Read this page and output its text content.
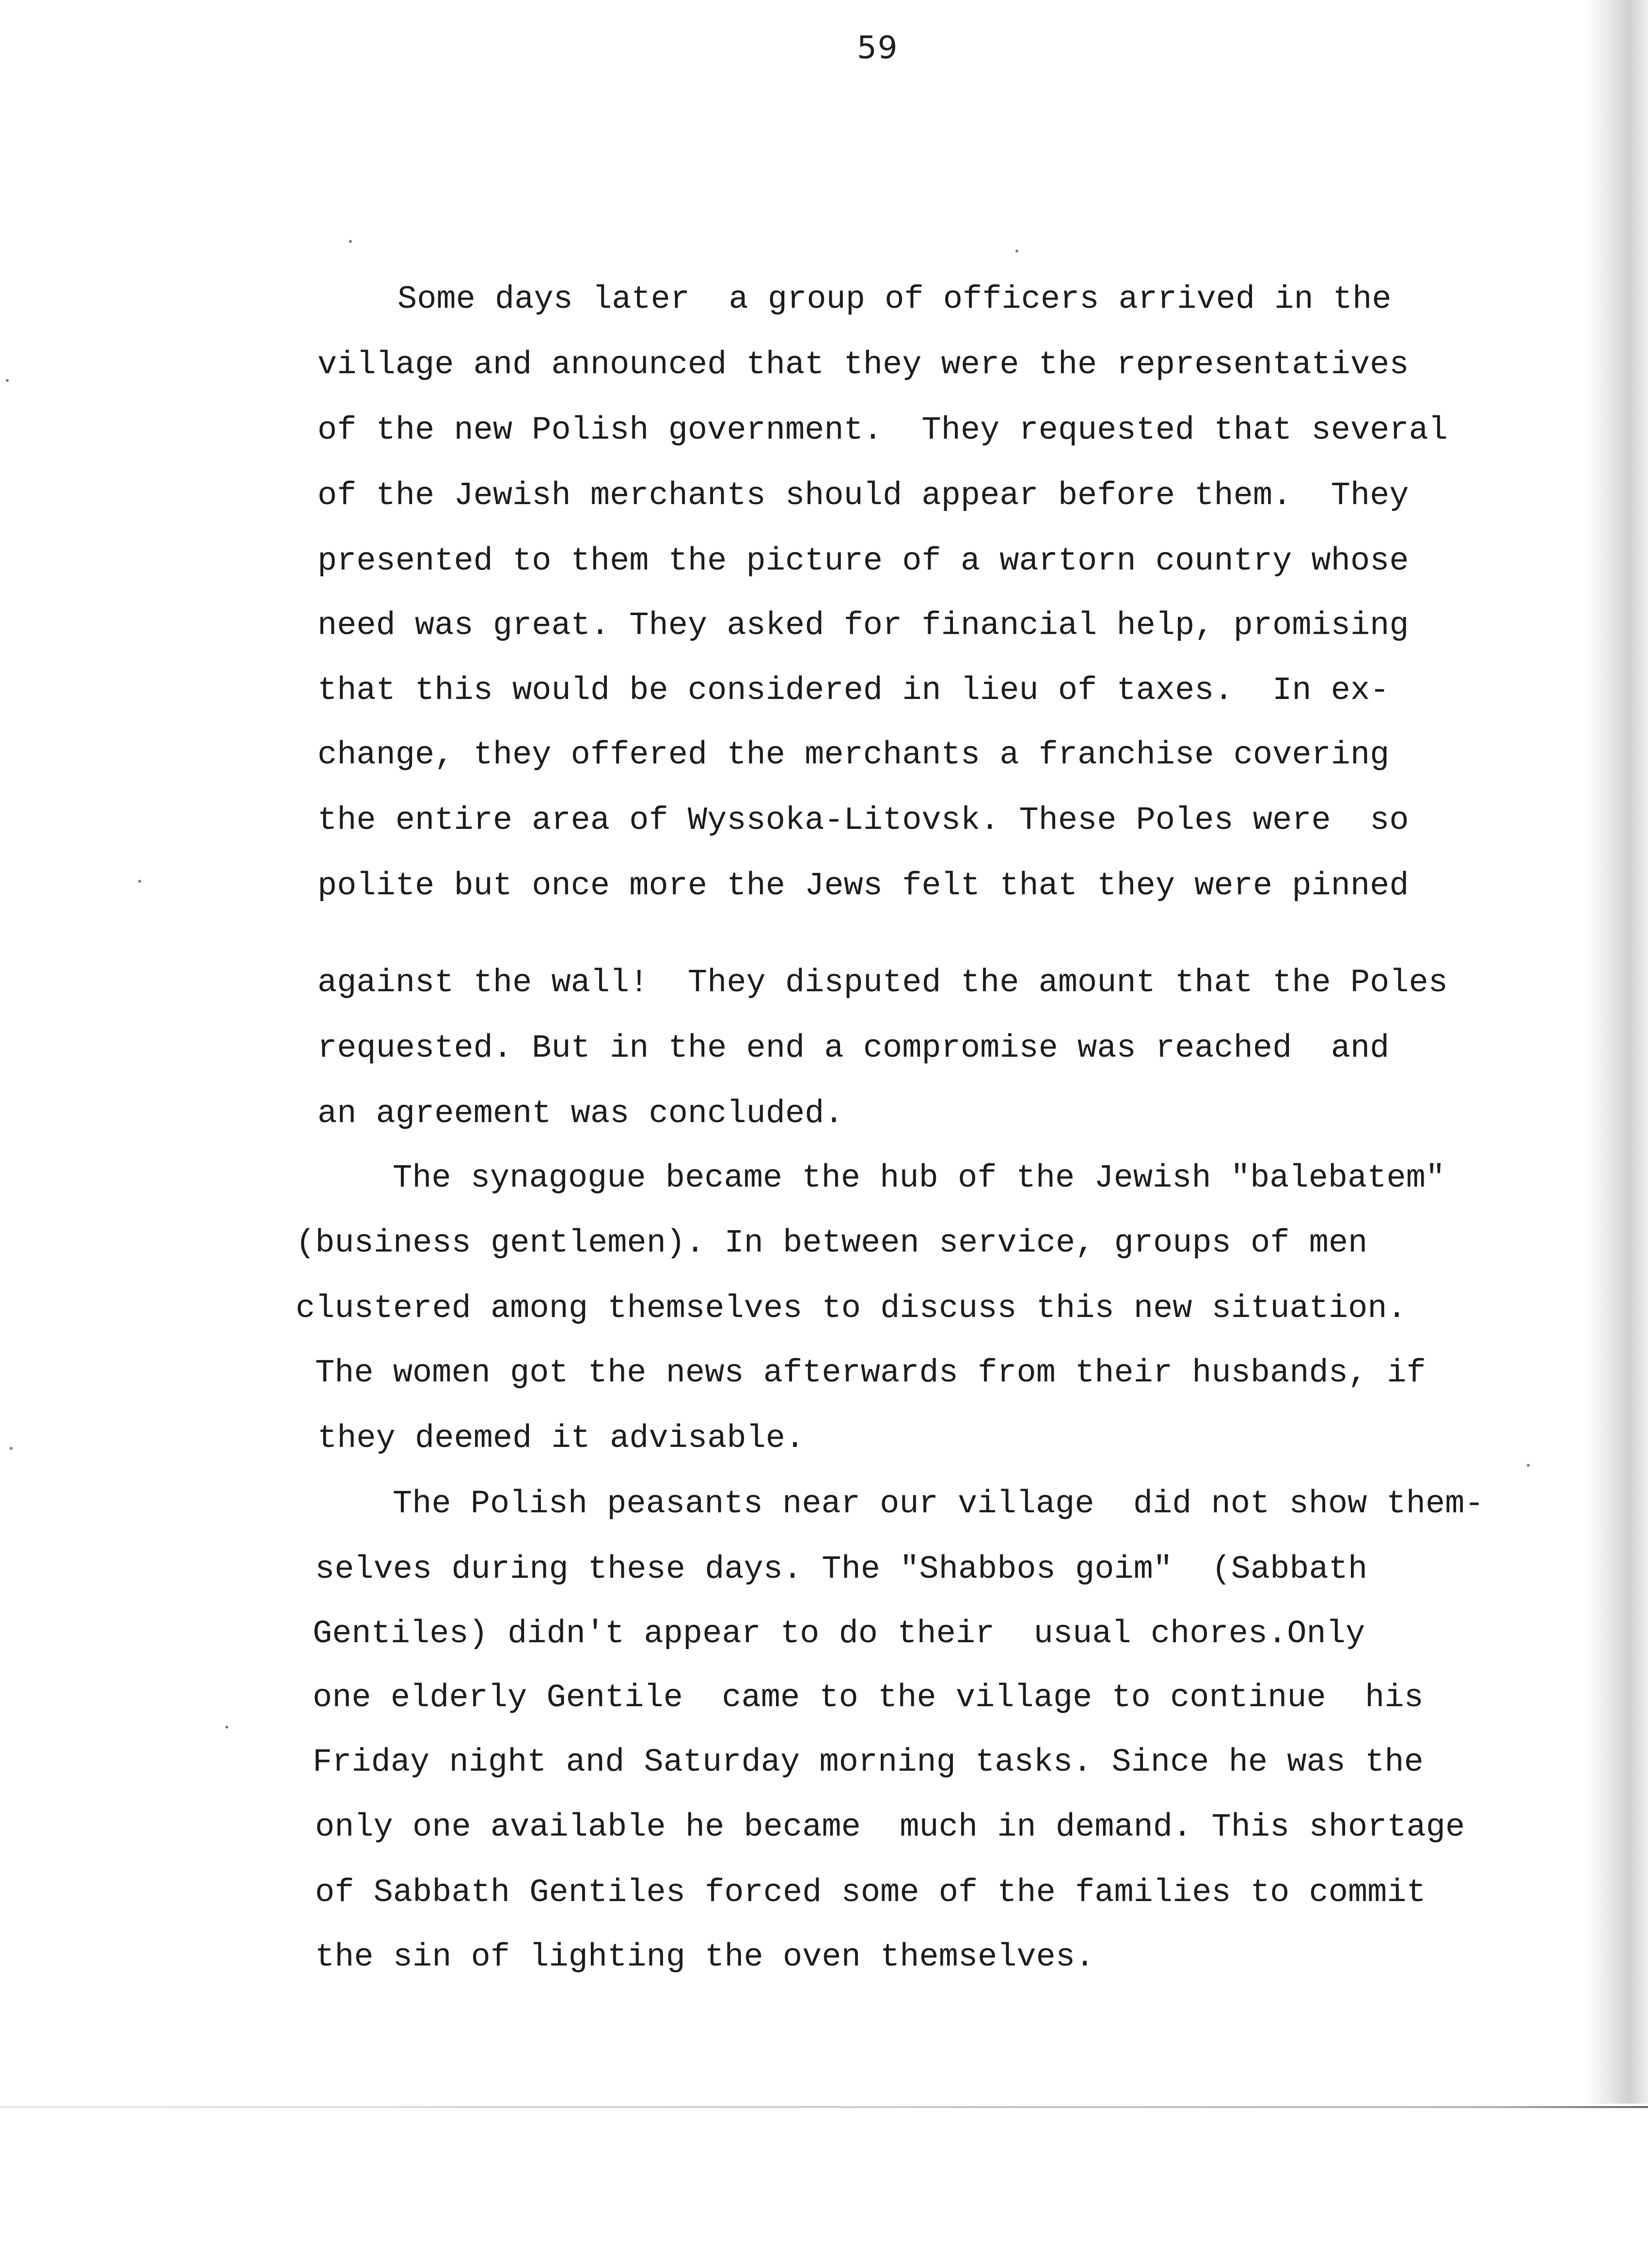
59
Some days later  a group of officers arrived in the
village and announced that they were the representatives
of the new Polish government.  They requested that several
of the Jewish merchants should appear before them.  They
presented to them the picture of a wartorn country whose
need was great. They asked for financial help, promising
that this would be considered in lieu of taxes.  In ex-
change, they offered the merchants a franchise covering
the entire area of Wyssoka-Litovsk. These Poles were  so
polite but once more the Jews felt that they were pinned
against the wall!  They disputed the amount that the Poles
requested. But in the end a compromise was reached  and
an agreement was concluded.
The synagogue became the hub of the Jewish "balebatem"
(business gentlemen). In between service, groups of men
clustered among themselves to discuss this new situation.
The women got the news afterwards from their husbands, if
they deemed it advisable.
The Polish peasants near our village  did not show them-
selves during these days. The "Shabbos goim"  (Sabbath
Gentiles) didn't appear to do their  usual chores.Only
one elderly Gentile  came to the village to continue  his
Friday night and Saturday morning tasks. Since he was the
only one available he became  much in demand. This shortage
of Sabbath Gentiles forced some of the families to commit
the sin of lighting the oven themselves.
